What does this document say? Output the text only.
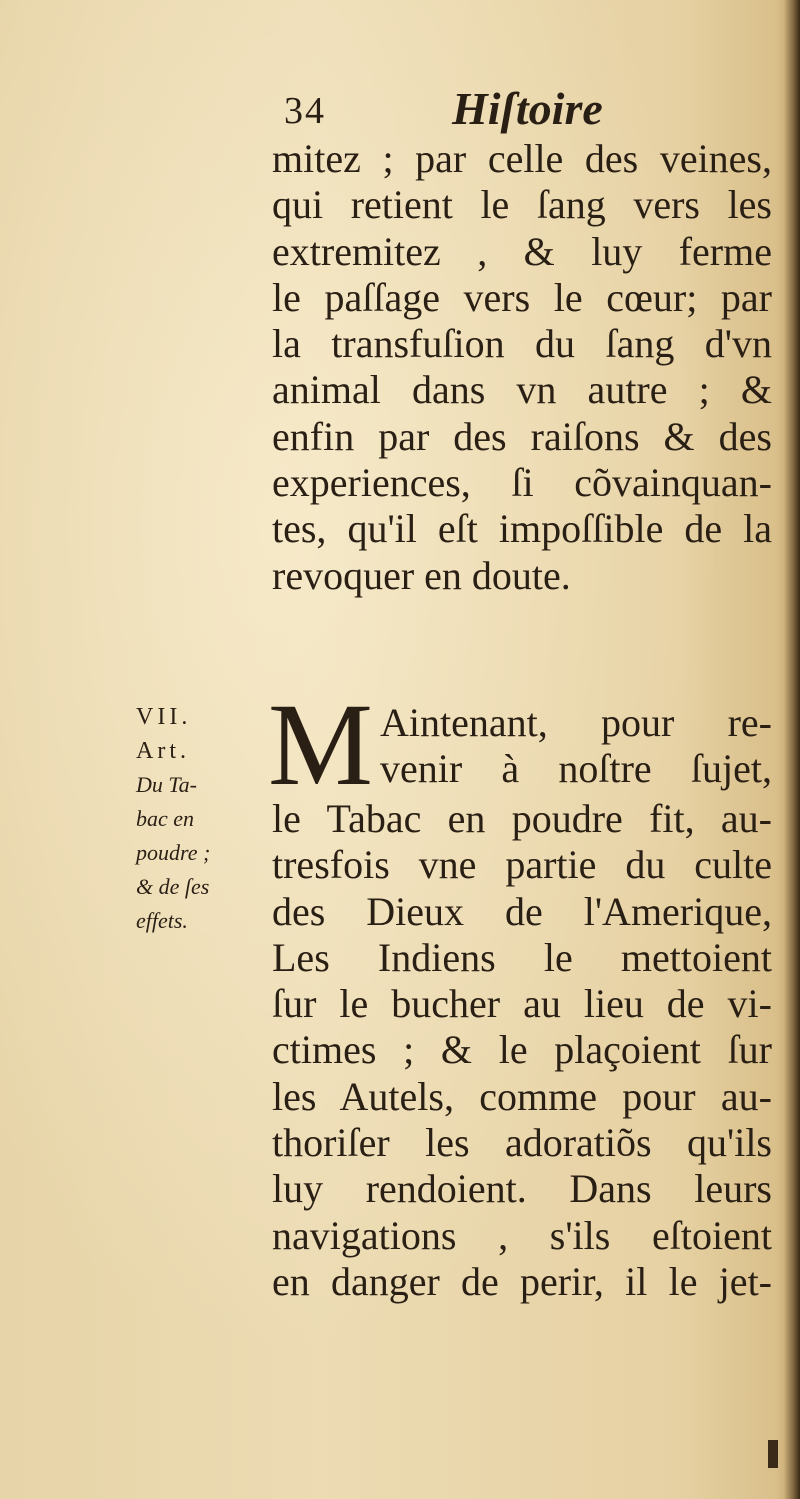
34	Hiſtoire
mitez ; par celle des veines,
qui retient le ſang vers les
extremitez , & luy ferme
le paſſage vers le cœur; par
la transfuſion du ſang d'vn
animal dans vn autre ; &
enfin par des raiſons & des
experiences, ſi cõvainquan-
tes, qu'il eſt impoſſible de la
revoquer en doute.
VII.
Art.
Du Ta-
bac en
poudre ;
& de ſes
effets.
M Aintenant, pour re-
venir à noſtre ſujet,
le Tabac en poudre fit, au-
tresfois vne partie du culte
des Dieux de l'Amerique,
Les Indiens le mettoient
ſur le bucher au lieu de vi-
ctimes ; & le plaçoient ſur
les Autels, comme pour au-
thoriſer les adoratiõs qu'ils
luy rendoient. Dans leurs
navigations , s'ils eſtoient
en danger de perir, il le jet-
